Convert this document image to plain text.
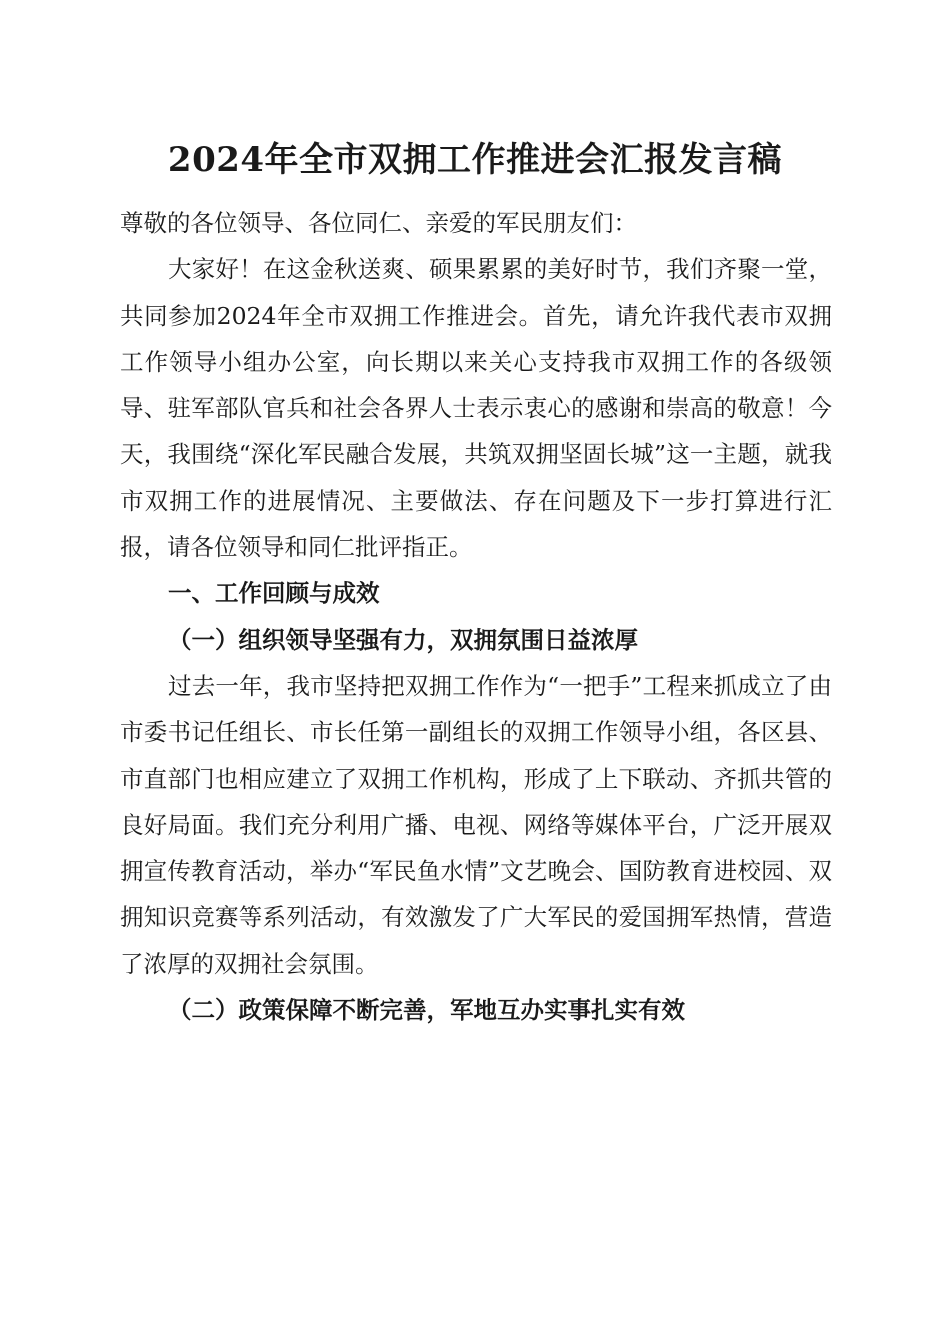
2024年全市双拥工作推进会汇报发言稿

尊敬的各位领导、各位同仁、亲爱的军民朋友们：

大家好！在这金秋送爽、硕果累累的美好时节，我们齐聚一堂，共同参加2024年全市双拥工作推进会。首先，请允许我代表市双拥工作领导小组办公室，向长期以来关心支持我市双拥工作的各级领导、驻军部队官兵和社会各界人士表示衷心的感谢和崇高的敬意！今天，我围绕“深化军民融合发展，共筑双拥坚固长城”这一主题，就我市双拥工作的进展情况、主要做法、存在问题及下一步打算进行汇报，请各位领导和同仁批评指正。

一、工作回顾与成效

（一）组织领导坚强有力，双拥氛围日益浓厚

过去一年，我市坚持把双拥工作作为“一把手”工程来抓成立了由市委书记任组长、市长任第一副组长的双拥工作领导小组，各区县、市直部门也相应建立了双拥工作机构，形成了上下联动、齐抓共管的良好局面。我们充分利用广播、电视、网络等媒体平台，广泛开展双拥宣传教育活动，举办“军民鱼水情”文艺晚会、国防教育进校园、双拥知识竞赛等系列活动，有效激发了广大军民的爱国拥军热情，营造了浓厚的双拥社会氛围。

（二）政策保障不断完善，军地互办实事扎实有效
